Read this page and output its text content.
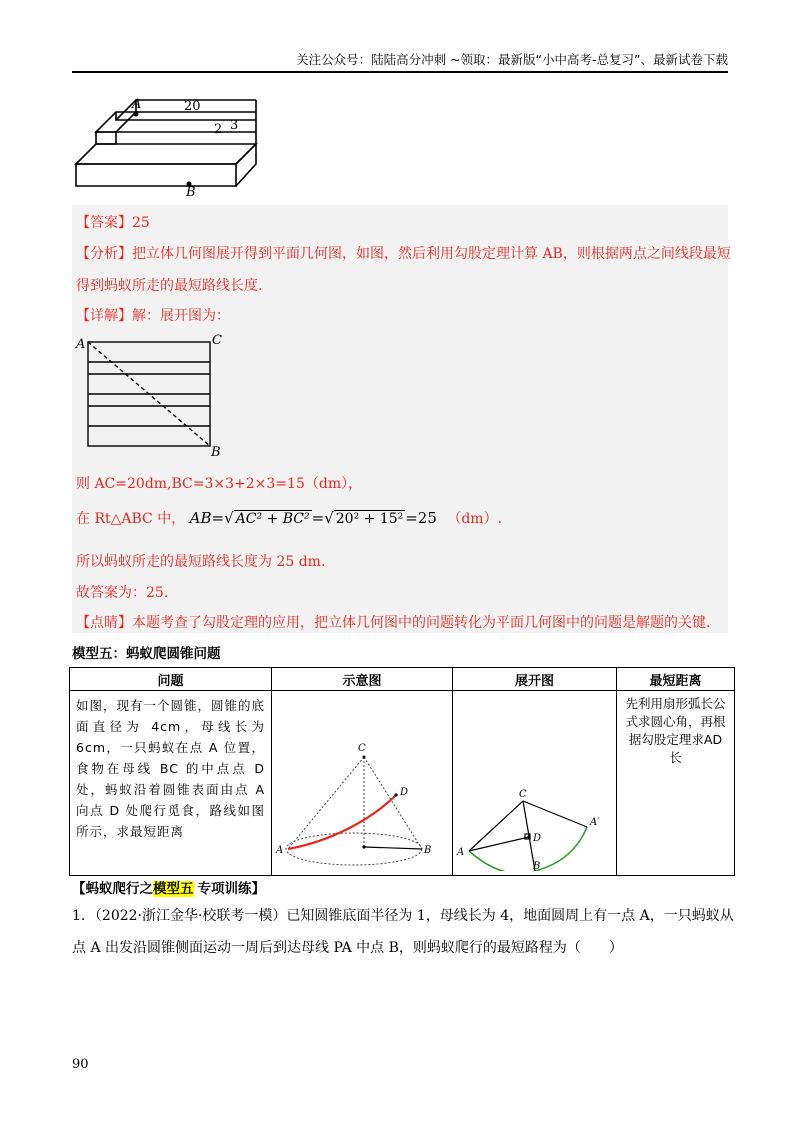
关注公众号：陆陆高分冲刺 ~领取：最新版“小中高考-总复习”、最新试卷下载
A	20
2 3
B
【答案】25
【分析】把立体几何图展开得到平面几何图，如图，然后利用勾股定理计算 AB，则根据两点之间线段最短
得到蚂蚁所走的最短路线长度.
【详解】解：展开图为：
A	C
B
则 AC=20dm,BC=3×3+2×3=15（dm），
在 Rt△ABC 中， AB=√ AC² + BC² =√ 20² + 15² =25 （dm）.
所以蚂蚁所走的最短路线长度为 25 dm.
故答案为：25.
【点睛】本题考查了勾股定理的应用，把立体几何图中的问题转化为平面几何图中的问题是解题的关键.
模型五：蚂蚁爬圆锥问题
问题	示意图	展开图	最短距离

如图，现有一个圆锥，圆锥的底面直径为 4cm，母线长为 6cm，一只蚂蚁在点 A 位置，食物在母线 BC 的中点点 D 处，蚂蚁沿着圆锥表面由点 A 向点 D 处爬行觅食，路线如图所示，求最短距离	C
D
A B	C
D
A
A′
B	先利用扇形弧长公式求圆心角，再根据勾股定理求AD长
【蚂蚁爬行之模型五 专项训练】
1．（2022·浙江金华·校联考一模）已知圆锥底面半径为 1，母线长为 4，地面圆周上有一点 A，一只蚂蚁从
点 A 出发沿圆锥侧面运动一周后到达母线 PA 中点 B，则蚂蚁爬行的最短路程为（　　）
90
